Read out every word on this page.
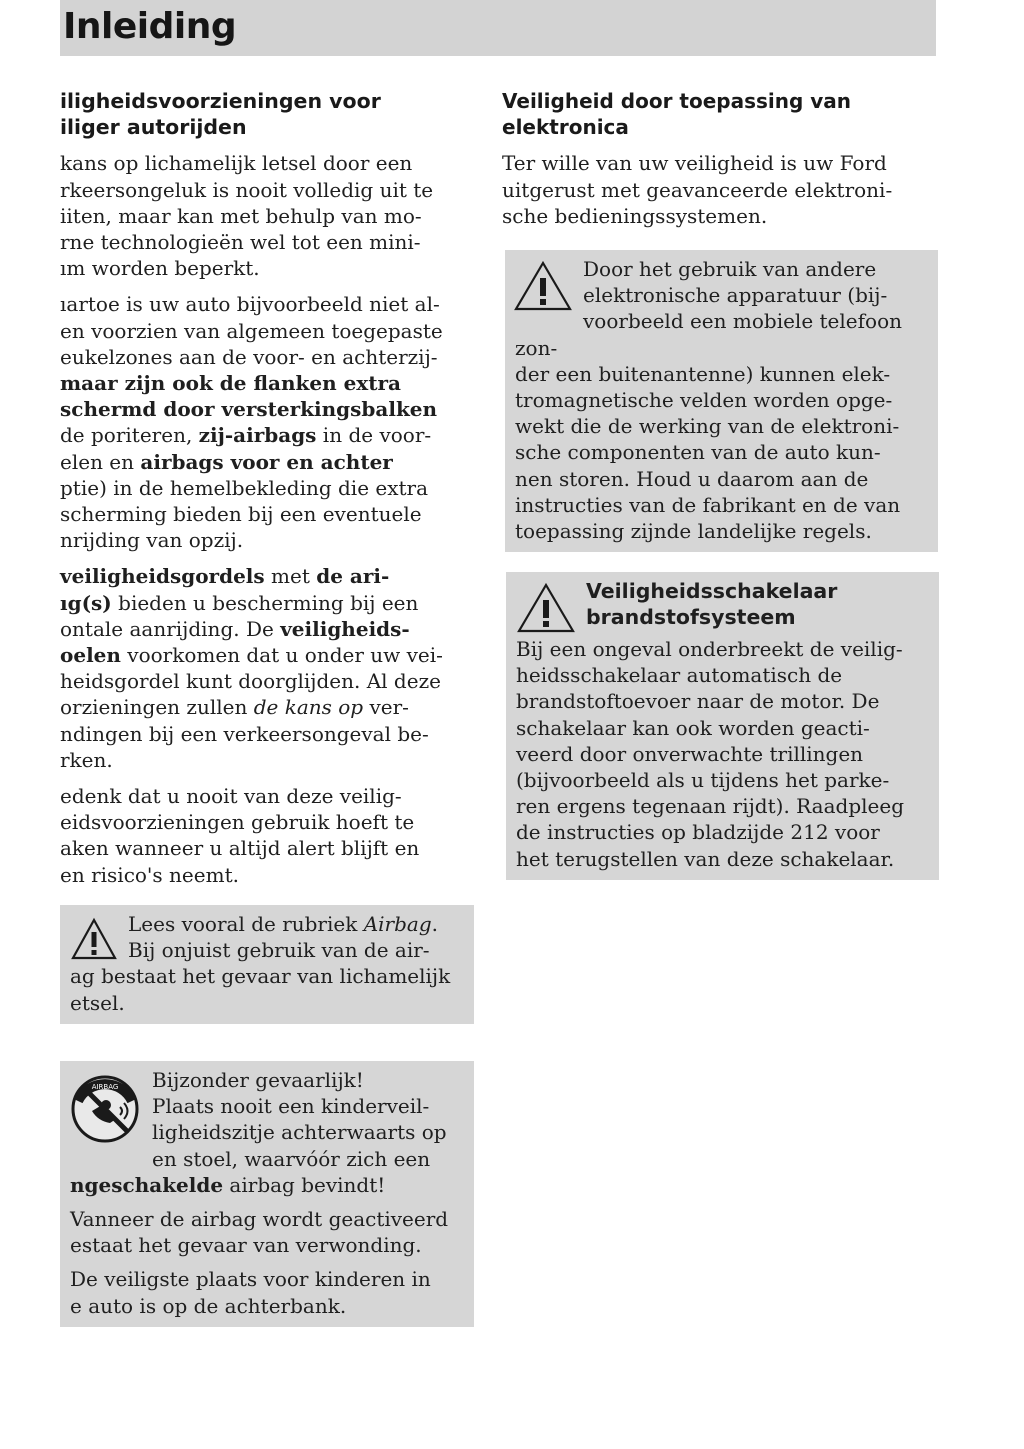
Inleiding
iligheidsvoorzieningen voor
iliger autorijden
kans op lichamelijk letsel door een
rkeersongeluk is nooit volledig uit te
iiten, maar kan met behulp van mo-
rne technologieën wel tot een mini-
ım worden beperkt.
ıartoe is uw auto bijvoorbeeld niet al-
en voorzien van algemeen toegepaste
eukelzones aan de voor- en achterzij-
maar zijn ook de flanken extra
schermd door versterkingsbalken
de poriteren, zij-airbags in de voor-
elen en airbags voor en achter
ptie) in de hemelbekleding die extra
scherming bieden bij een eventuele
nrijding van opzij.
veiligheidsgordels met de ari-
ıg(s) bieden u bescherming bij een
ontale aanrijding. De veiligheids-
oelen voorkomen dat u onder uw vei-
heidsgordel kunt doorglijden. Al deze
orzieningen zullen de kans op ver-
ndingen bij een verkeersongeval be-
rken.
edenk dat u nooit van deze veilig-
eidsvoorzieningen gebruik hoeft te
aken wanneer u altijd alert blijft en
en risico's neemt.
Lees vooral de rubriek Airbag.
Bij onjuist gebruik van de air-
ag bestaat het gevaar van lichamelijk
etsel.
AIRBAG	Bijzonder gevaarlijk!
Plaats nooit een kinderveil-
ligheidszitje achterwaarts op
en stoel, waarvóór zich een
ngeschakelde airbag bevindt!
Vanneer de airbag wordt geactiveerd
estaat het gevaar van verwonding.
De veiligste plaats voor kinderen in
e auto is op de achterbank.
Veiligheid door toepassing van
elektronica
Ter wille van uw veiligheid is uw Ford
uitgerust met geavanceerde elektroni-
sche bedieningssystemen.
Door het gebruik van andere
elektronische apparatuur (bij-
voorbeeld een mobiele telefoon zon-
der een buitenantenne) kunnen elek-
tromagnetische velden worden opge-
wekt die de werking van de elektroni-
sche componenten van de auto kun-
nen storen. Houd u daarom aan de
instructies van de fabrikant en de van
toepassing zijnde landelijke regels.
Veiligheidsschakelaar
brandstofsysteem
Bij een ongeval onderbreekt de veilig-
heidsschakelaar automatisch de
brandstoftoevoer naar de motor. De
schakelaar kan ook worden geacti-
veerd door onverwachte trillingen
(bijvoorbeeld als u tijdens het parke-
ren ergens tegenaan rijdt). Raadpleeg
de instructies op bladzijde 212 voor
het terugstellen van deze schakelaar.
